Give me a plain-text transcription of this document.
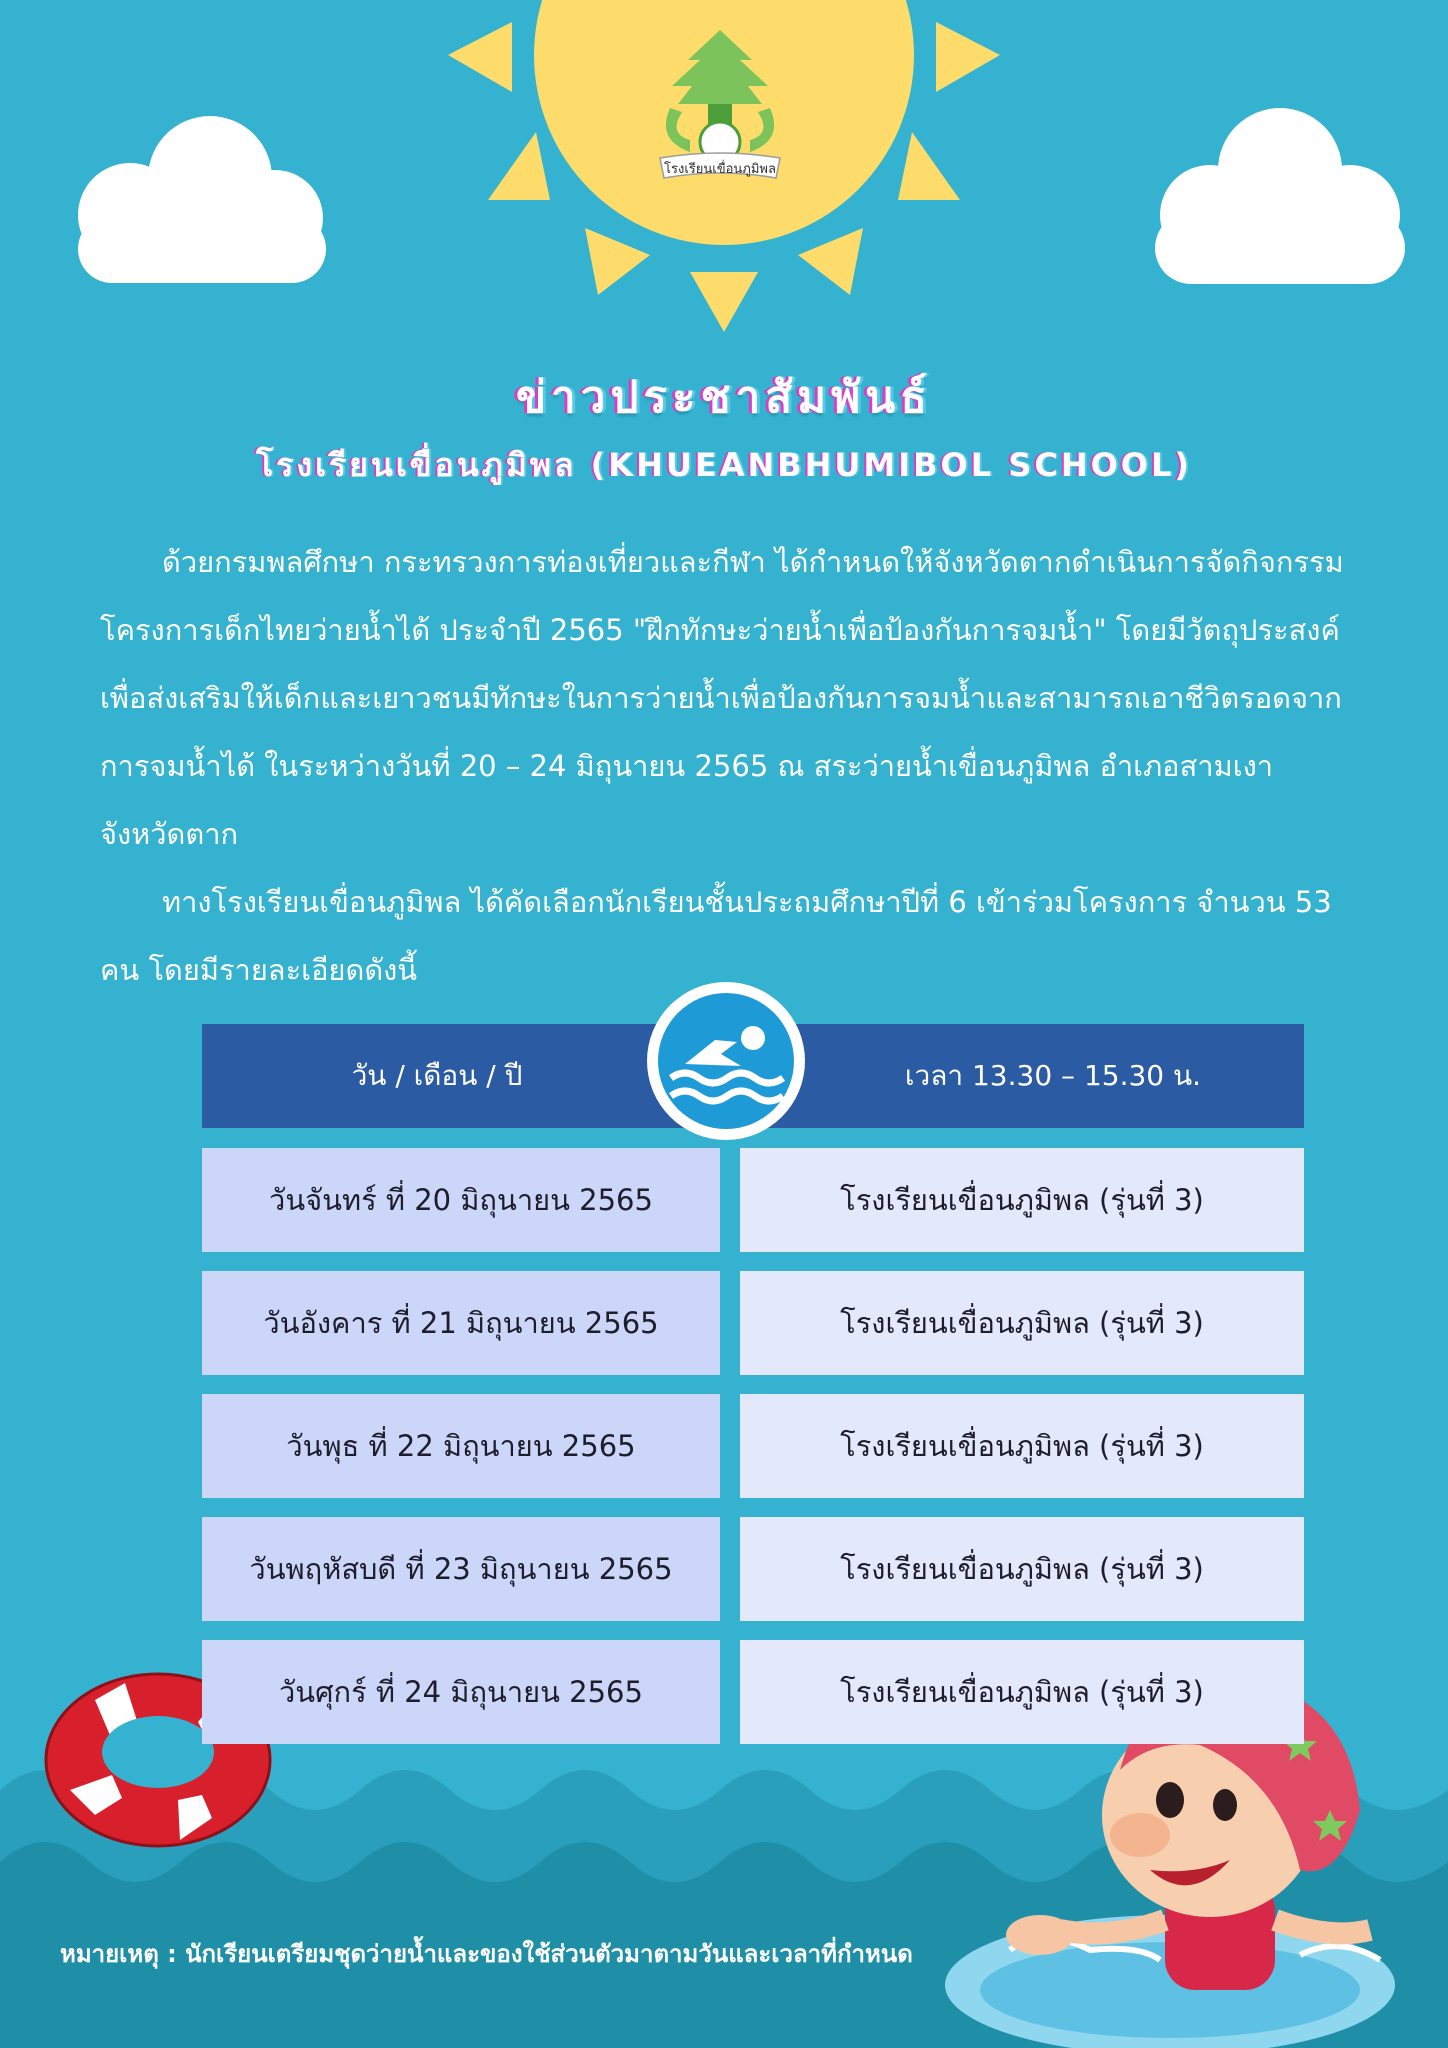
โรงเรียนเขื่อนภูมิพล
ข่าวประชาสัมพันธ์
โรงเรียนเขื่อนภูมิพล (KHUEANBHUMIBOL SCHOOL)

ด้วยกรมพลศึกษา กระทรวงการท่องเที่ยวและกีฬา ได้กำหนดให้จังหวัดตากดำเนินการจัดกิจกรรมโครงการเด็กไทยว่ายน้ำได้ ประจำปี 2565 "ฝึกทักษะว่ายน้ำเพื่อป้องกันการจมน้ำ" โดยมีวัตถุประสงค์เพื่อส่งเสริมให้เด็กและเยาวชนมีทักษะในการว่ายน้ำเพื่อป้องกันการจมน้ำและสามารถเอาชีวิตรอดจากการจมน้ำได้ ในระหว่างวันที่ 20 – 24 มิถุนายน 2565 ณ สระว่ายน้ำเขื่อนภูมิพล อำเภอสามเงา จังหวัดตาก

ทางโรงเรียนเขื่อนภูมิพล ได้คัดเลือกนักเรียนชั้นประถมศึกษาปีที่ 6 เข้าร่วมโครงการ จำนวน 53 คน โดยมีรายละเอียดดังนี้

วัน / เดือน / ปี	เวลา 13.30 – 15.30 น.
วันจันทร์ ที่ 20 มิถุนายน 2565	โรงเรียนเขื่อนภูมิพล (รุ่นที่ 3)
วันอังคาร ที่ 21 มิถุนายน 2565	โรงเรียนเขื่อนภูมิพล (รุ่นที่ 3)
วันพุธ ที่ 22 มิถุนายน 2565	โรงเรียนเขื่อนภูมิพล (รุ่นที่ 3)
วันพฤหัสบดี ที่ 23 มิถุนายน 2565	โรงเรียนเขื่อนภูมิพล (รุ่นที่ 3)
วันศุกร์ ที่ 24 มิถุนายน 2565	โรงเรียนเขื่อนภูมิพล (รุ่นที่ 3)
หมายเหตุ : นักเรียนเตรียมชุดว่ายน้ำและของใช้ส่วนตัวมาตามวันและเวลาที่กำหนด
